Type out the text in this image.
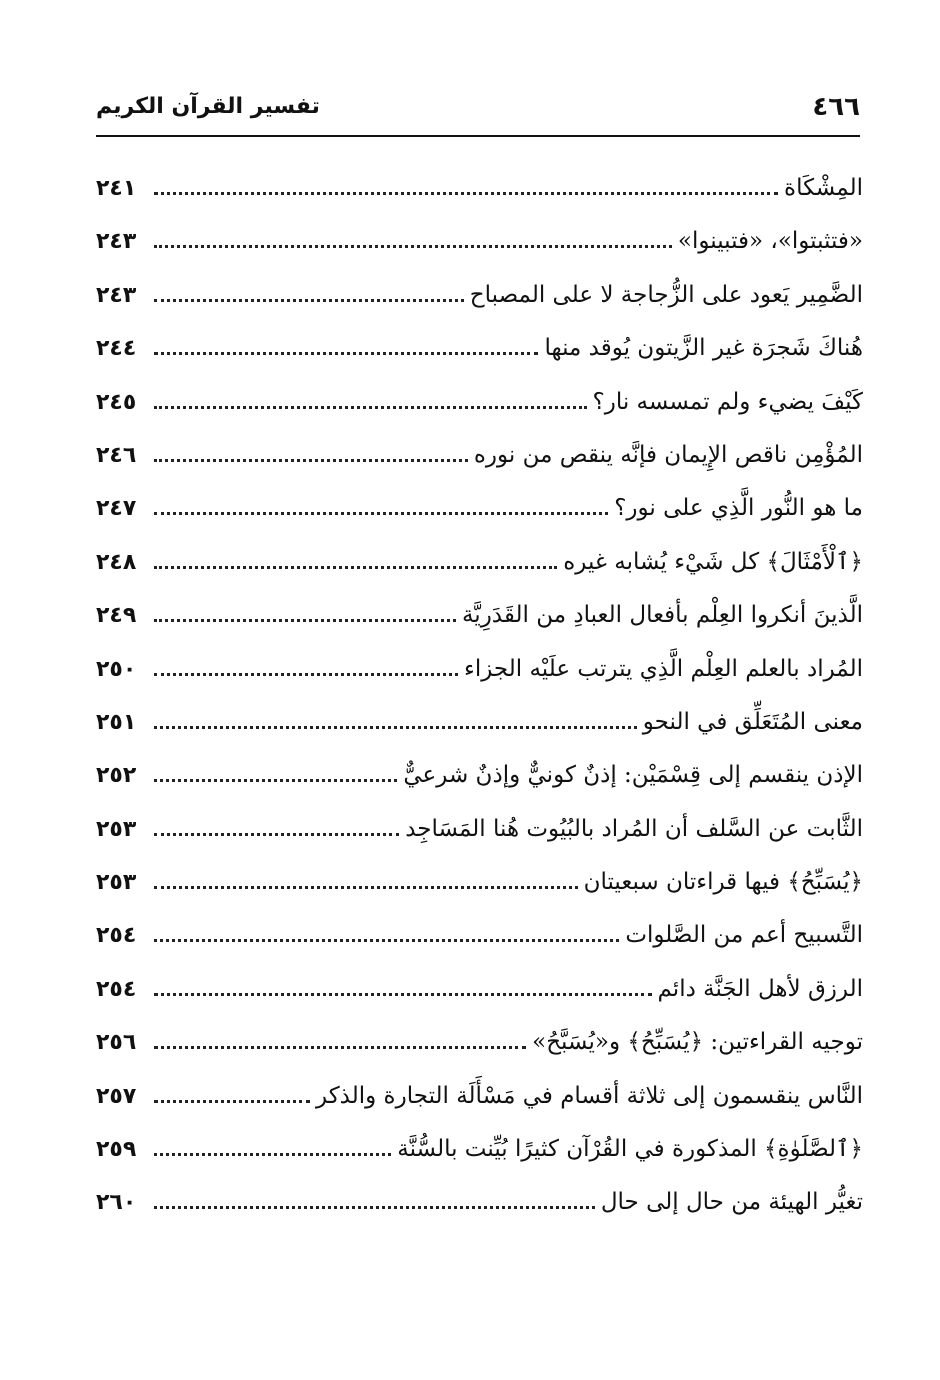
٤٦٦
تفسير القرآن الكريم
المِشْكَاة
٢٤١
«فتثبتوا»، «فتبينوا»
٢٤٣
الضَّمِير يَعود على الزُّجاجة لا على المصباح
٢٤٣
هُناكَ شَجرَة غير الزَّيتون يُوقد منها
٢٤٤
كَيْفَ يضيء ولم تمسسه نار؟
٢٤٥
المُؤْمِن ناقص الإِيمان فإنَّه ينقص من نوره
٢٤٦
ما هو النُّور الَّذِي على نور؟
٢٤٧
﴿ٱلْأَمْثَالَ﴾ كل شَيْء يُشابه غيره
٢٤٨
الَّذينَ أنكروا العِلْم بأفعال العبادِ من القَدَرِيَّة
٢٤٩
المُراد بالعلم العِلْم الَّذِي يترتب علَيْه الجزاء
٢٥٠
معنى المُتَعَلِّق في النحو
٢٥١
الإذن ينقسم إلى قِسْمَيْن: إذنٌ كونيٌّ وإذنٌ شرعيٌّ
٢٥٢
الثَّابت عن السَّلف أن المُراد بالبُيُوت هُنا المَسَاجِد
٢٥٣
﴿يُسَبِّحُ﴾ فيها قراءتان سبعيتان
٢٥٣
التَّسبيح أعم من الصَّلوات
٢٥٤
الرزق لأهل الجَنَّة دائم
٢٥٤
توجيه القراءتين: ﴿يُسَبِّحُ﴾ و«يُسَبَّحُ»
٢٥٦
النَّاس ينقسمون إلى ثلاثة أقسام في مَسْأَلَة التجارة والذكر
٢٥٧
﴿ٱلصَّلَوٰةِ﴾ المذكورة في القُرْآن كثيرًا بُيِّنت بالسُّنَّة
٢٥٩
تغيُّر الهيئة من حال إلى حال
٢٦٠
